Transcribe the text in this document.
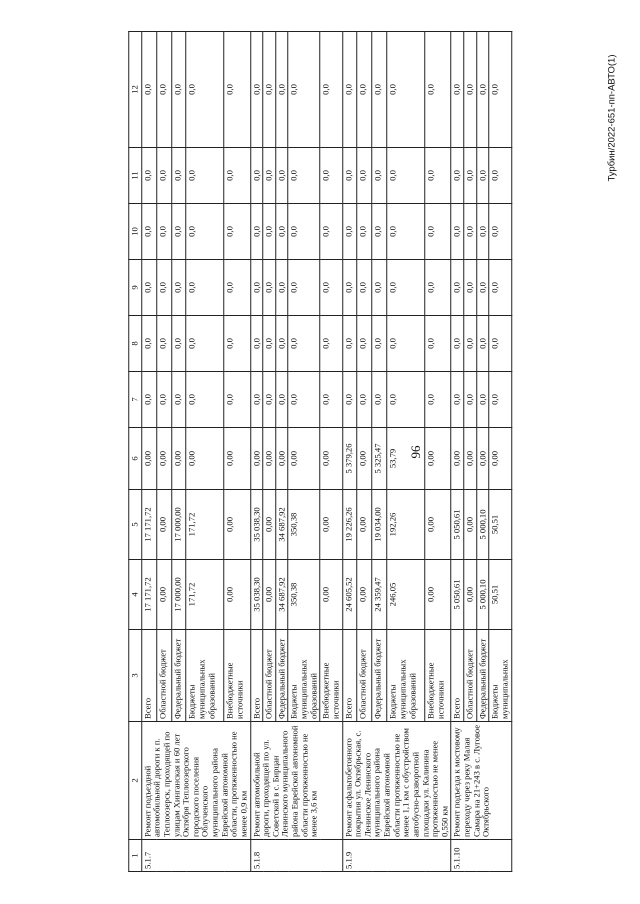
96
Турбин/2022-651-пп-АВТО(1)
1	2	3	4	5	6	7	8	9	10	11	12
5.1.7	Ремонт подъездной автомобильной дороги к п. Теплоозерск, проходящей по улицам Хинганская и 60 лет Октября Теплоозерского городского поселения Облученского муниципального района Еврейской автономной области, протяженностью не менее 0,9 км	Всего	17 171,72	17 171,72	0,00	0,0	0,0	0,0	0,0	0,0	0,0
		Областной бюджет	0,00	0,00	0,00	0,0	0,0	0,0	0,0	0,0	0,0
		Федеральный бюджет	17 000,00	17 000,00	0,00	0,0	0,0	0,0	0,0	0,0	0,0
		Бюджеты муниципальных образований	171,72	171,72	0,00	0,0	0,0	0,0	0,0	0,0	0,0
		Внебюджетные источники	0,00	0,00	0,00	0,0	0,0	0,0	0,0	0,0	0,0
5.1.8	Ремонт автомобильной дороги, проходящей по ул. Советской в с. Бирцан Ленинского муниципального района Еврейской автономной области протяженностью не менее 3,6 км	Всего	35 038,30	35 038,30	0,00	0,0	0,0	0,0	0,0	0,0	0,0
		Областной бюджет	0,00	0,00	0,00	0,0	0,0	0,0	0,0	0,0	0,0
		Федеральный бюджет	34 687,92	34 687,92	0,00	0,0	0,0	0,0	0,0	0,0	0,0
		Бюджеты муниципальных образований	350,38	350,38	0,00	0,0	0,0	0,0	0,0	0,0	0,0
		Внебюджетные источники	0,00	0,00	0,00	0,0	0,0	0,0	0,0	0,0	0,0
5.1.9	Ремонт асфальтобетонного покрытия ул. Октябрьская, с. Ленинское Ленинского муниципального района Еврейской автономной области протяженностью не менее 1,1 км с обустройством автобусно-разворотной площадки ул. Калинина протяженностью не менее 0,550 км	Всего	24 605,52	19 226,26	5 379,26	0,0	0,0	0,0	0,0	0,0	0,0
		Областной бюджет	0,00	0,00	0,00	0,0	0,0	0,0	0,0	0,0	0,0
		Федеральный бюджет	24 359,47	19 034,00	5 325,47	0,0	0,0	0,0	0,0	0,0	0,0
		Бюджеты муниципальных образований	246,05	192,26	53,79	0,0	0,0	0,0	0,0	0,0	0,0
		Внебюджетные источники	0,00	0,00	0,00	0,0	0,0	0,0	0,0	0,0	0,0
5.1.10	Ремонт подъезда к мостовому переходу через реку Малая Самара на 21+243 в с. Луговое Октябрьского	Всего	5 050,61	5 050,61	0,00	0,0	0,0	0,0	0,0	0,0	0,0
		Областной бюджет	0,00	0,00	0,00	0,0	0,0	0,0	0,0	0,0	0,0
		Федеральный бюджет	5 000,10	5 000,10	0,00	0,0	0,0	0,0	0,0	0,0	0,0
		Бюджеты муниципальных	50,51	50,51	0,00	0,0	0,0	0,0	0,0	0,0	0,0
